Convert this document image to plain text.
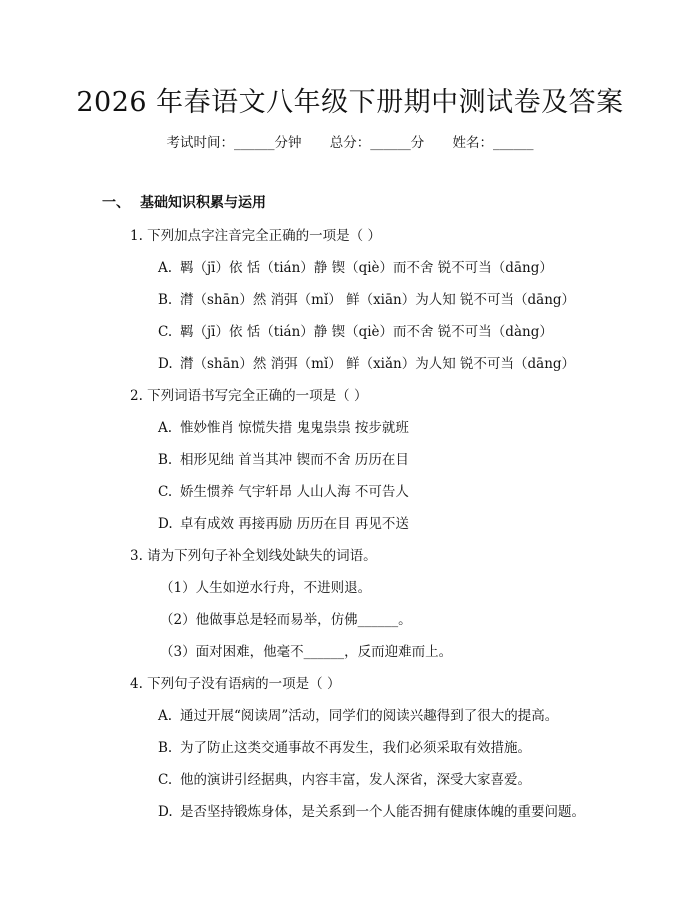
2026 年春语文八年级下册期中测试卷及答案
考试时间：______分钟 总分：______分 姓名：______
一、 基础知识积累与运用
1. 下列加点字注音完全正确的一项是（ ）
A. 羁（jī）依 恬（tián）静 锲（qiè）而不舍 锐不可当（dāng）
B. 潸（shān）然 消弭（mǐ） 鲜（xiān）为人知 锐不可当（dāng）
C. 羁（jī）依 恬（tián）静 锲（qiè）而不舍 锐不可当（dàng）
D. 潸（shān）然 消弭（mǐ） 鲜（xiǎn）为人知 锐不可当（dāng）
2. 下列词语书写完全正确的一项是（ ）
A. 惟妙惟肖 惊慌失措 鬼鬼祟祟 按步就班
B. 相形见绌 首当其冲 锲而不舍 历历在目
C. 娇生惯养 气宇轩昂 人山人海 不可告人
D. 卓有成效 再接再励 历历在目 再见不送
3. 请为下列句子补全划线处缺失的词语。
（1）人生如逆水行舟，不进则退。
（2）他做事总是轻而易举，仿佛______。
（3）面对困难，他毫不______，反而迎难而上。
4. 下列句子没有语病的一项是（ ）
A. 通过开展“阅读周”活动，同学们的阅读兴趣得到了很大的提高。
B. 为了防止这类交通事故不再发生，我们必须采取有效措施。
C. 他的演讲引经据典，内容丰富，发人深省，深受大家喜爱。
D. 是否坚持锻炼身体，是关系到一个人能否拥有健康体魄的重要问题。
